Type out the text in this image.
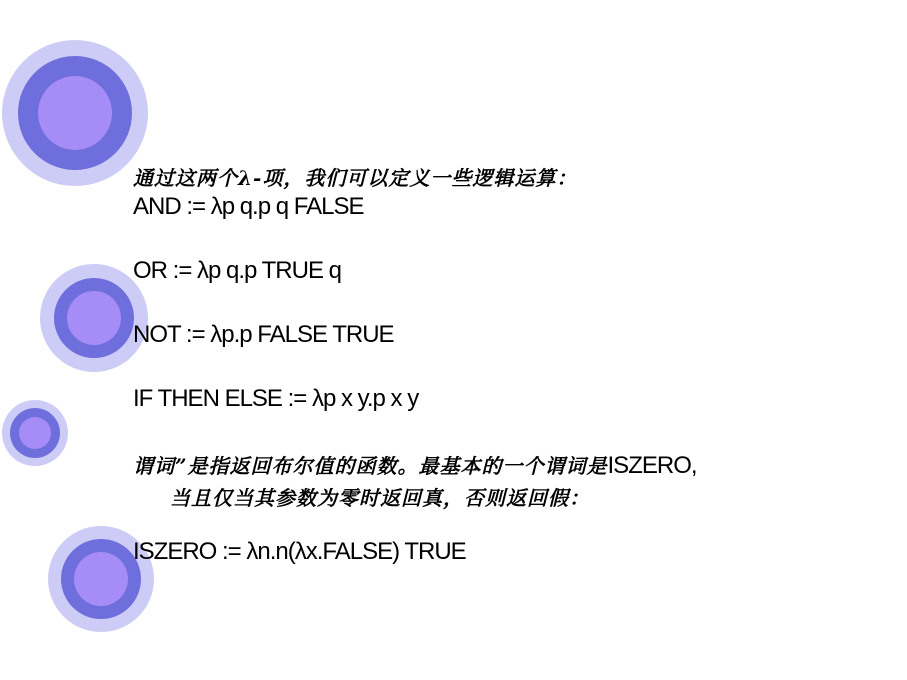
通过这两个λ-项，我们可以定义一些逻辑运算：
AND := λp q.p q FALSE
OR := λp q.p TRUE q
NOT := λp.p FALSE TRUE
IF THEN ELSE := λp x y.p x y
谓词”是指返回布尔值的函数。最基本的一个谓词是ISZERO,
当且仅当其参数为零时返回真，否则返回假：
ISZERO := λn.n(λx.FALSE) TRUE
